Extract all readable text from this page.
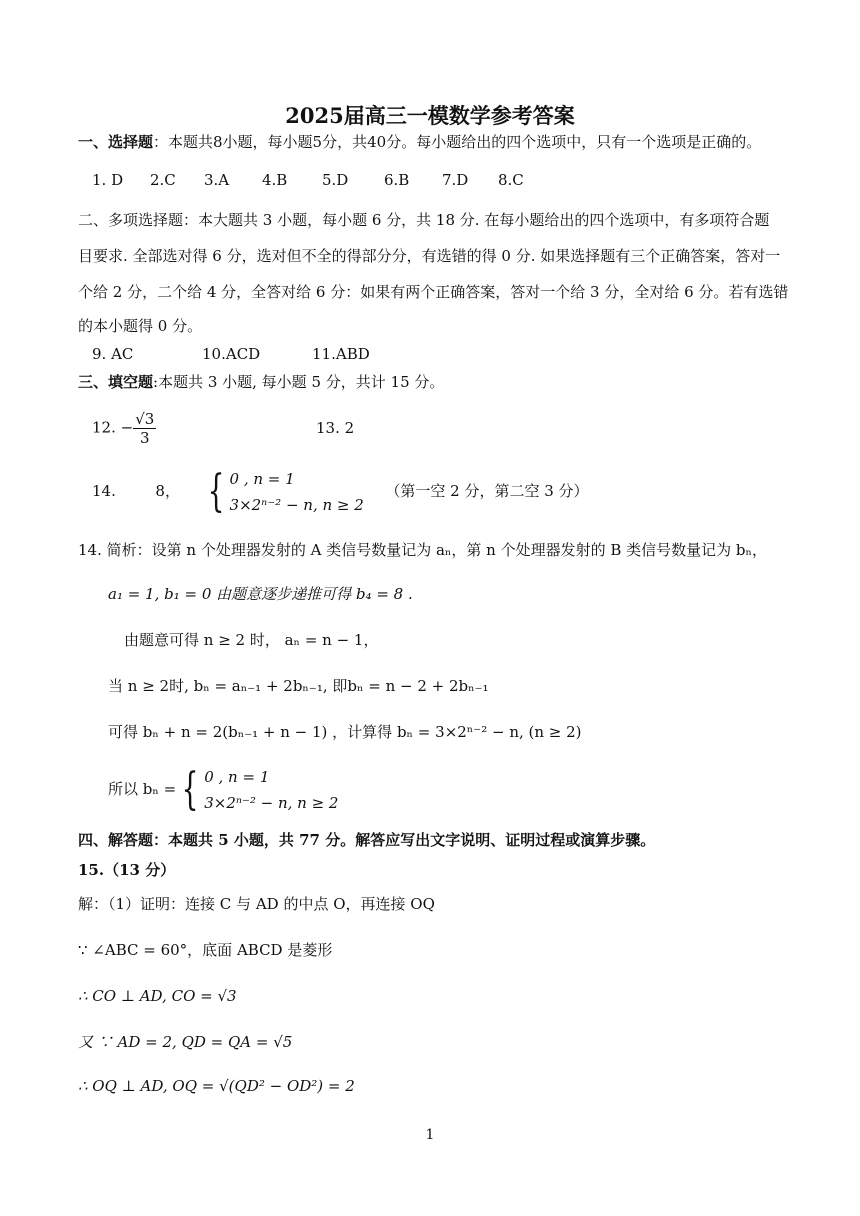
2025届高三一模数学参考答案
一、选择题：本题共8小题，每小题5分，共40分。每小题给出的四个选项中，只有一个选项是正确的。
1. D 2.C 3.A 4.B 5.D 6.B 7.D 8.C
二、多项选择题：本大题共 3 小题，每小题 6 分，共 18 分. 在每小题给出的四个选项中，有多项符合题
目要求. 全部选对得 6 分，选对但不全的得部分分，有选错的得 0 分. 如果选择题有三个正确答案，答对一
个给 2 分，二个给 4 分，全答对给 6 分：如果有两个正确答案，答对一个给 3 分，全对给 6 分。若有选错
的本小题得 0 分。
9. AC	10.ACD	11.ABD
三、填空题:本题共 3 小题, 每小题 5 分，共计 15 分。
12. − $\frac{√3}{3}$	13. 2
14.	8， { 0 , n = 1
3×2ⁿ⁻² − n, n ≥ 2
（第一空 2 分，第二空 3 分）
14. 简析：设第 n 个处理器发射的 A 类信号数量记为 aₙ，第 n 个处理器发射的 B 类信号数量记为 bₙ，
a₁ = 1, b₁ = 0 由题意逐步递推可得 b₄ = 8 .
由题意可得 n ≥ 2 时， aₙ = n − 1，
当 n ≥ 2时, bₙ = aₙ₋₁ + 2bₙ₋₁, 即bₙ = n − 2 + 2bₙ₋₁
可得 bₙ + n = 2(bₙ₋₁ + n − 1) ，计算得 bₙ = 3×2ⁿ⁻² − n, (n ≥ 2)
所以 bₙ = { 0 , n = 1
3×2ⁿ⁻² − n, n ≥ 2
四、解答题：本题共 5 小题，共 77 分。解答应写出文字说明、证明过程或演算步骤。
15.（13 分）
解：（1）证明：连接 C 与 AD 的中点 O，再连接 OQ
∵ ∠ABC = 60°，底面 ABCD 是菱形
∴ CO ⊥ AD, CO = √3
又 ∵ AD = 2, QD = QA = √5
∴ OQ ⊥ AD, OQ = √(QD² − OD²) = 2
1
